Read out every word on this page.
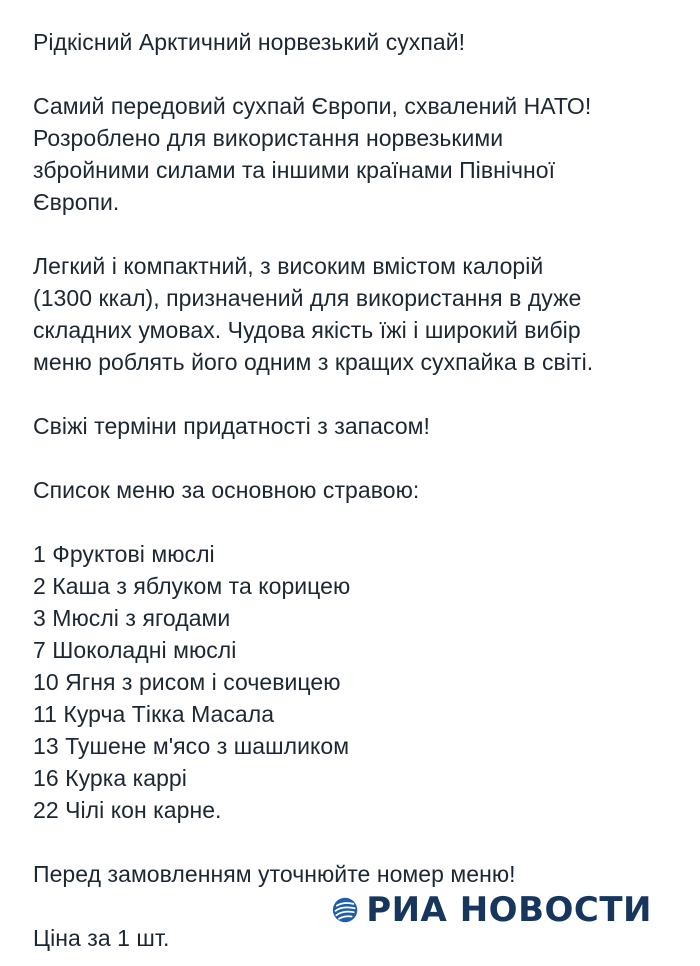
Рідкісний Арктичний норвезький сухпай!

Самий передовий сухпай Європи, схвалений НАТО!
Розроблено для використання норвезькими
збройними силами та іншими країнами Північної
Європи.

Легкий і компактний, з високим вмістом калорій
(1300 ккал), призначений для використання в дуже
складних умовах. Чудова якість їжі і широкий вибір
меню роблять його одним з кращих сухпайка в світі.

Свіжі терміни придатності з запасом!

Список меню за основною стравою:

1 Фруктові мюслі
2 Каша з яблуком та корицею
3 Мюслі з ягодами
7 Шоколадні мюслі
10 Ягня з рисом і сочевицею
11 Курча Тікка Масала
13 Тушене м'ясо з шашликом
16 Курка каррі
22 Чілі кон карне.

Перед замовленням уточнюйте номер меню!

Ціна за 1 шт.

РИА НОВОСТИ
